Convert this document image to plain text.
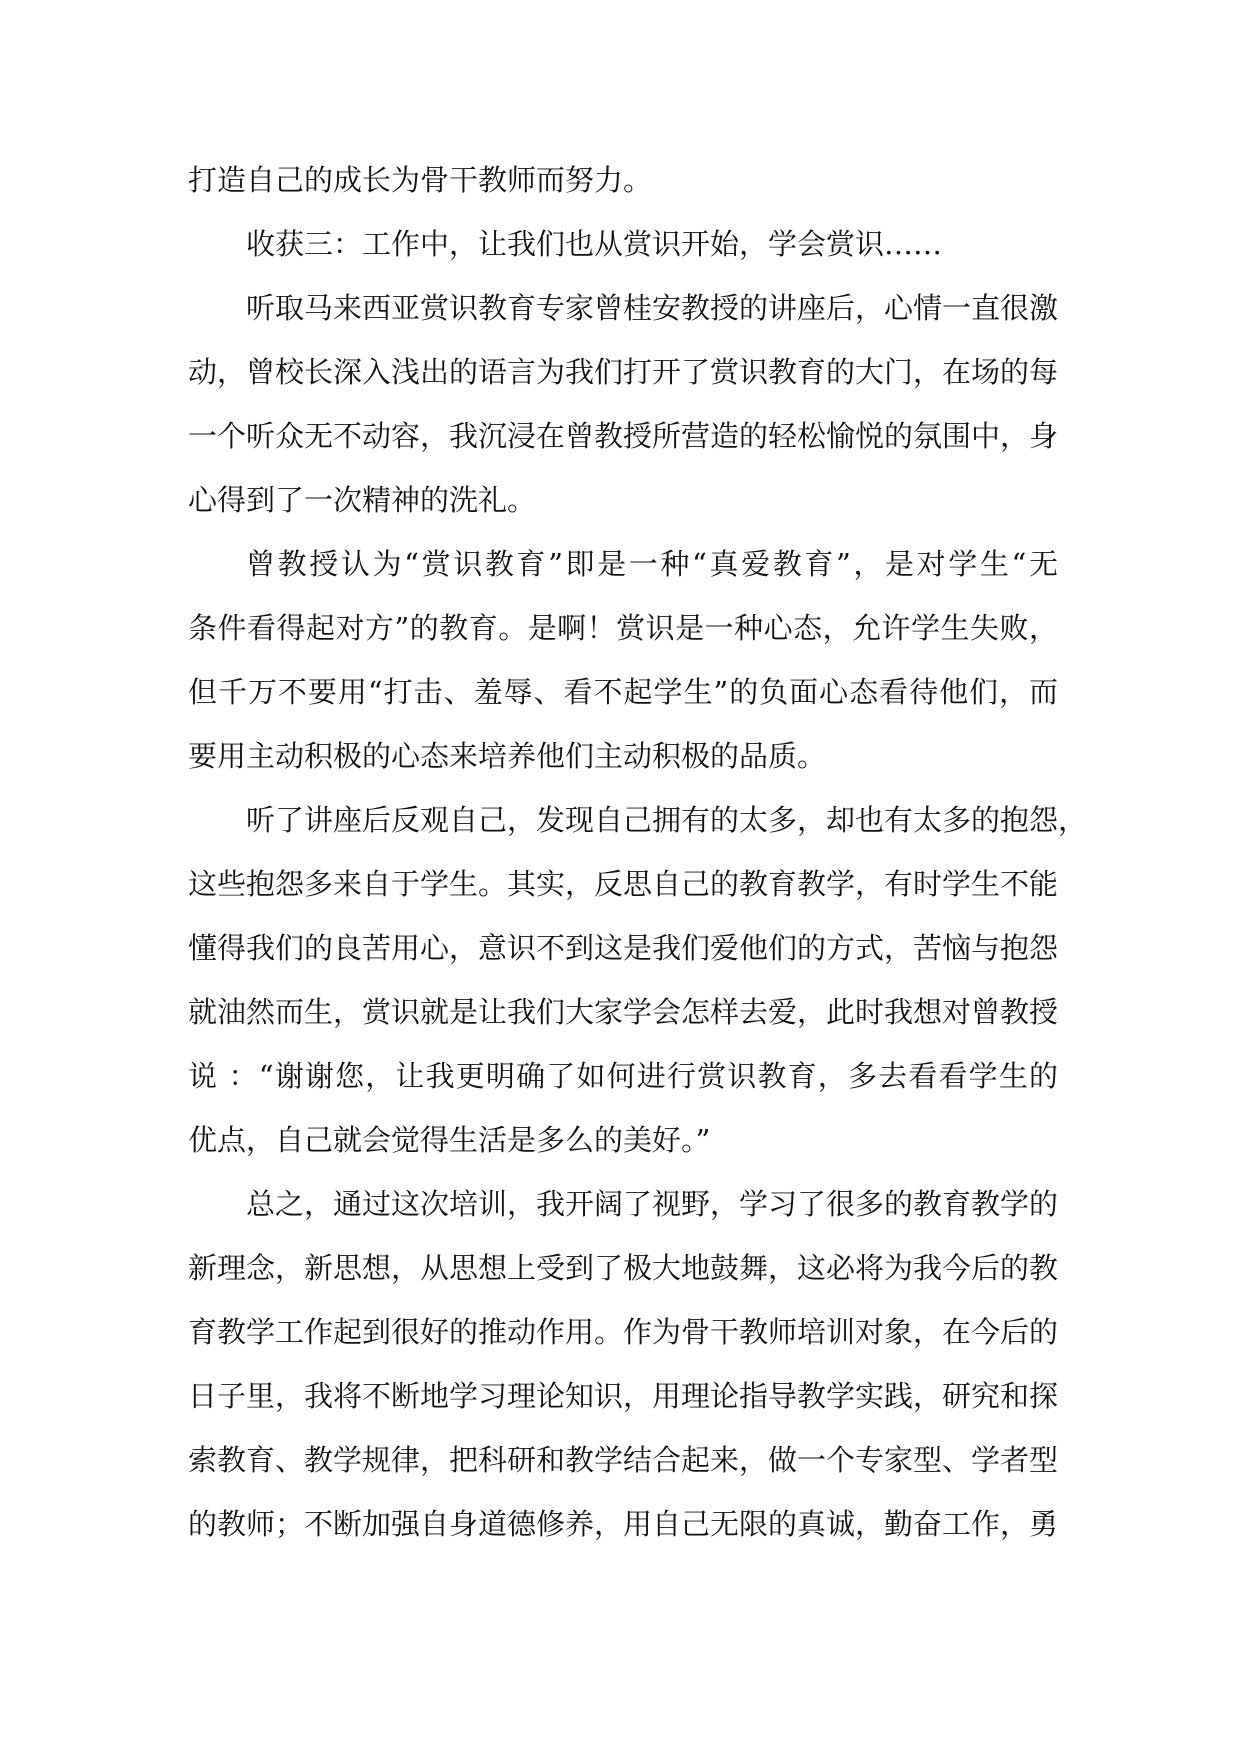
打造自己的成长为骨干教师而努力。
收获三：工作中，让我们也从赏识开始，学会赏识……
听取马来西亚赏识教育专家曾桂安教授的讲座后，心情一直很激
动，曾校长深入浅出的语言为我们打开了赏识教育的大门，在场的每
一个听众无不动容，我沉浸在曾教授所营造的轻松愉悦的氛围中，身
心得到了一次精神的洗礼。
曾教授认为“赏识教育”即是一种“真爱教育”，是对学生“无
条件看得起对方”的教育。是啊！赏识是一种心态，允许学生失败，
但千万不要用“打击、羞辱、看不起学生”的负面心态看待他们，而
要用主动积极的心态来培养他们主动积极的品质。
听了讲座后反观自己，发现自己拥有的太多，却也有太多的抱怨，
这些抱怨多来自于学生。其实，反思自己的教育教学，有时学生不能
懂得我们的良苦用心，意识不到这是我们爱他们的方式，苦恼与抱怨
就油然而生，赏识就是让我们大家学会怎样去爱，此时我想对曾教授
说 ：“谢谢您，让我更明确了如何进行赏识教育，多去看看学生的
优点，自己就会觉得生活是多么的美好。”
总之，通过这次培训，我开阔了视野，学习了很多的教育教学的
新理念，新思想，从思想上受到了极大地鼓舞，这必将为我今后的教
育教学工作起到很好的推动作用。作为骨干教师培训对象，在今后的
日子里，我将不断地学习理论知识，用理论指导教学实践，研究和探
索教育、教学规律，把科研和教学结合起来，做一个专家型、学者型
的教师；不断加强自身道德修养，用自己无限的真诚，勤奋工作，勇
